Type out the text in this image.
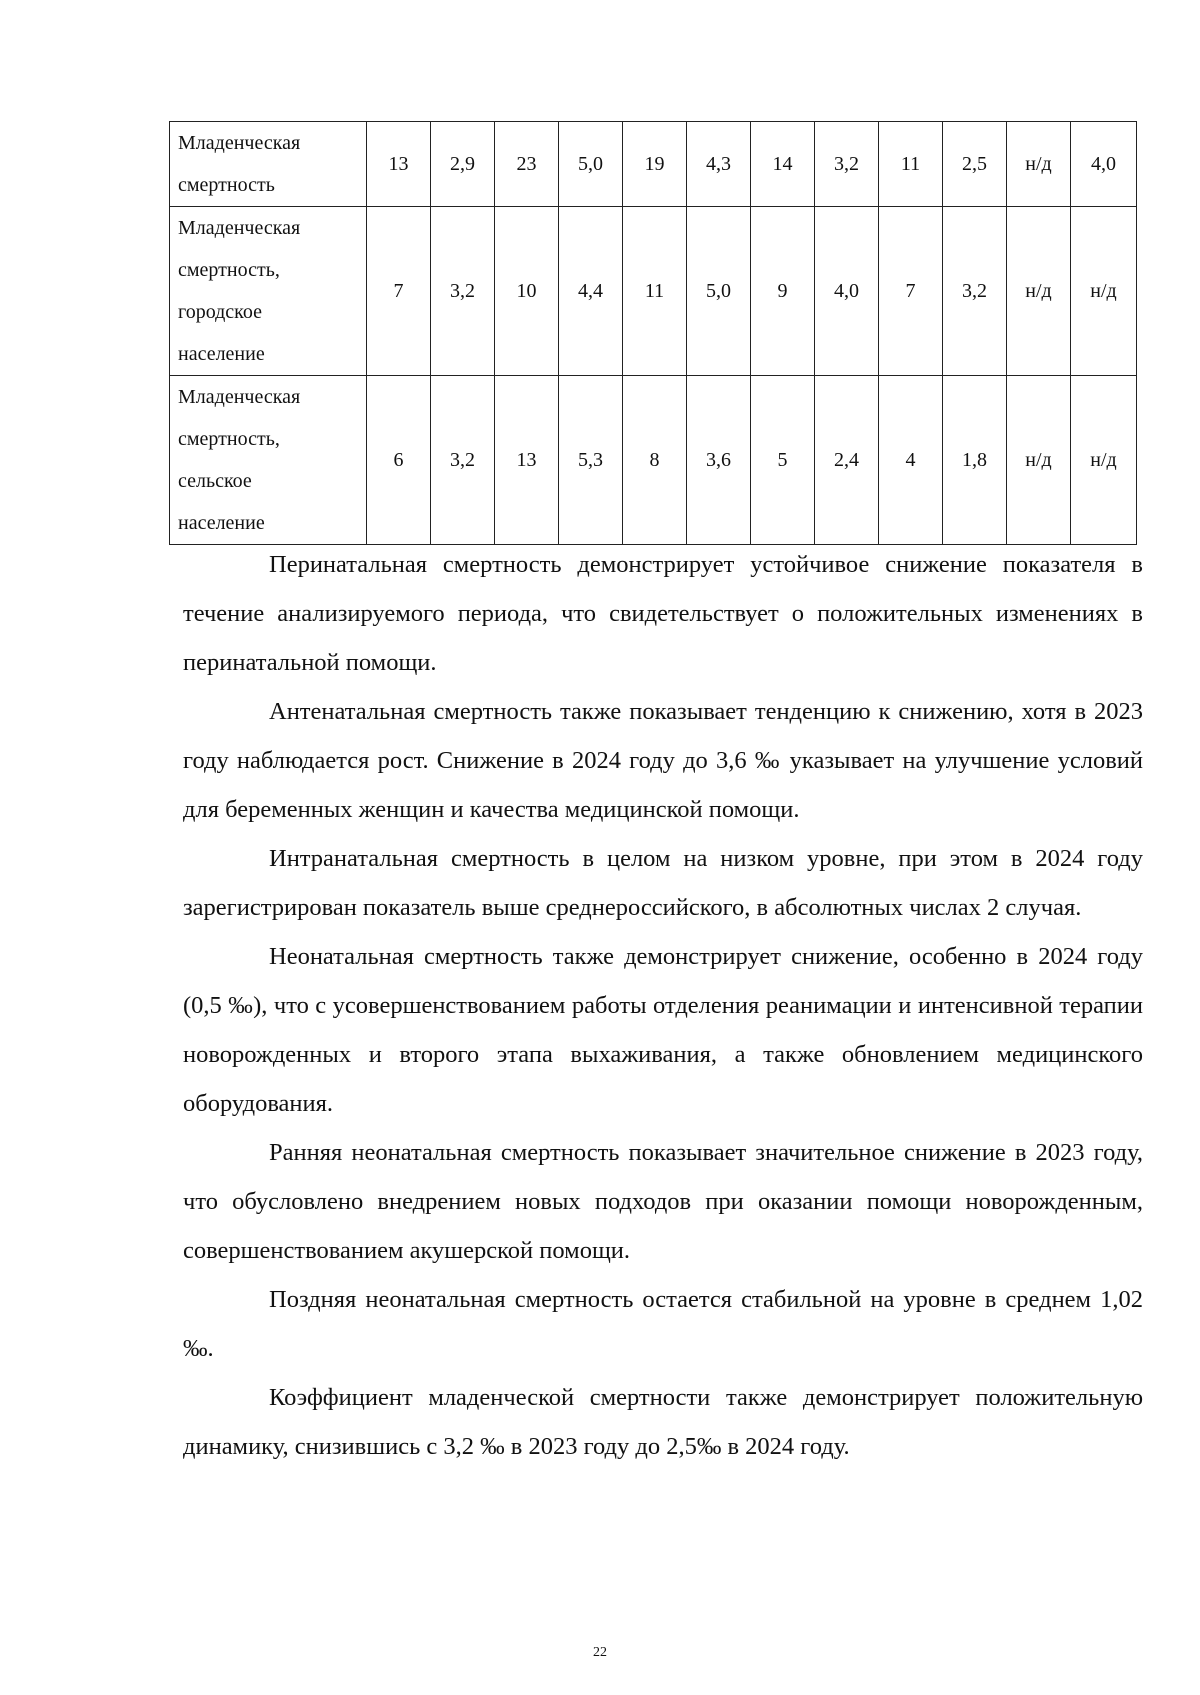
Младенческая
смертность	13	2,9	23	5,0	19	4,3	14	3,2	11	2,5	н/д	4,0

Младенческая
смертность,
городское
население	7	3,2	10	4,4	11	5,0	9	4,0	7	3,2	н/д	н/д

Младенческая
смертность,
сельское
население	6	3,2	13	5,3	8	3,6	5	2,4	4	1,8	н/д	н/д

Перинатальная смертность демонстрирует устойчивое снижение показателя в течение анализируемого периода, что свидетельствует о положительных изменениях в перинатальной помощи.

Антенатальная смертность также показывает тенденцию к снижению, хотя в 2023 году наблюдается рост. Снижение в 2024 году до 3,6 ‰ указывает на улучшение условий для беременных женщин и качества медицинской помощи.

Интранатальная смертность в целом на низком уровне, при этом в 2024 году зарегистрирован показатель выше среднероссийского, в абсолютных числах 2 случая.

Неонатальная смертность также демонстрирует снижение, особенно в 2024 году (0,5 ‰), что с усовершенствованием работы отделения реанимации и интенсивной терапии новорожденных и второго этапа выхаживания, а также обновлением медицинского оборудования.

Ранняя неонатальная смертность показывает значительное снижение в 2023 году, что обусловлено внедрением новых подходов при оказании помощи новорожденным, совершенствованием акушерской помощи.

Поздняя неонатальная смертность остается стабильной на уровне в среднем 1,02 ‰.

Коэффициент младенческой смертности также демонстрирует положительную динамику, снизившись с 3,2 ‰ в 2023 году до 2,5‰ в 2024 году.

22
